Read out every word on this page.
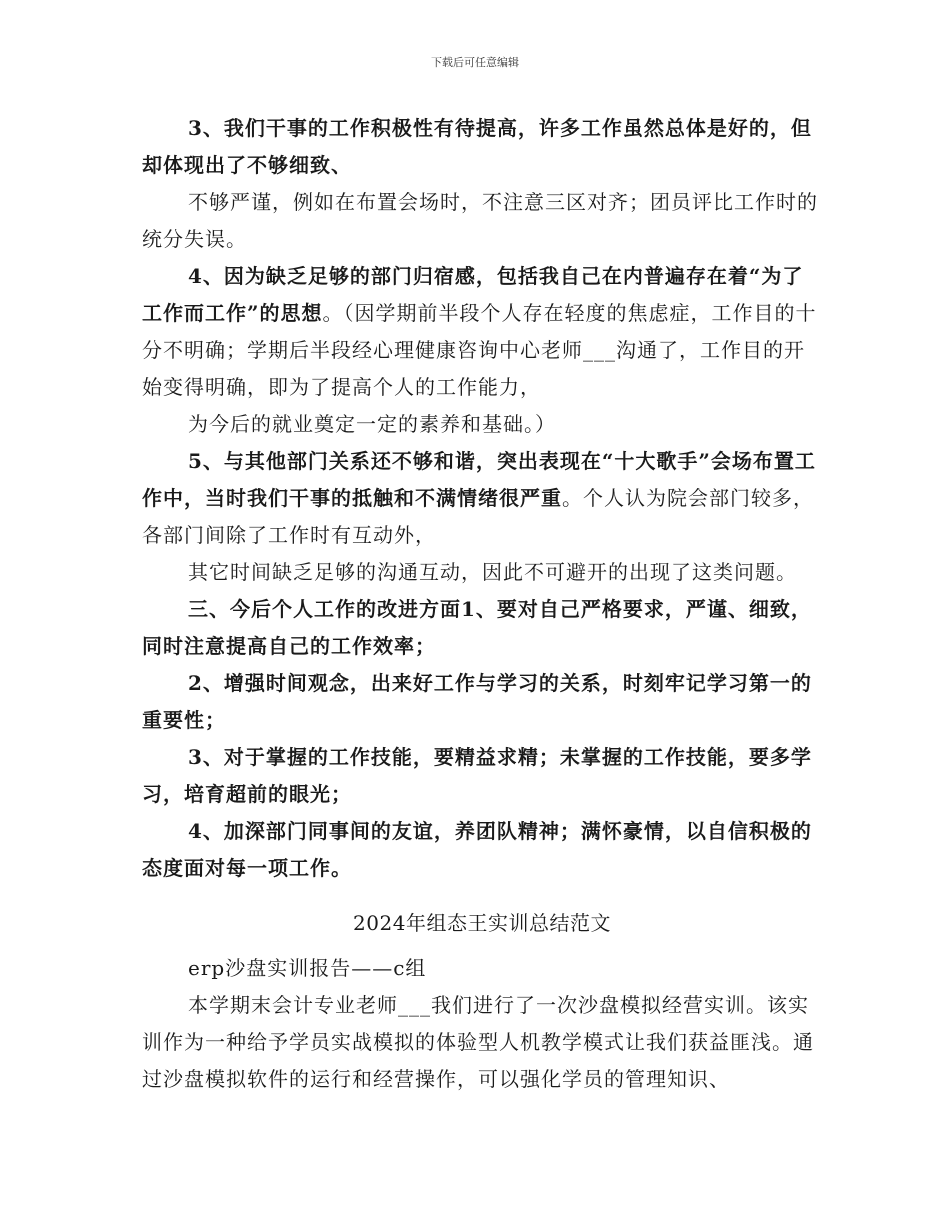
下载后可任意编辑

3、我们干事的工作积极性有待提高，许多工作虽然总体是好的，但却体现出了不够细致、

不够严谨，例如在布置会场时，不注意三区对齐；团员评比工作时的统分失误。

4、因为缺乏足够的部门归宿感，包括我自己在内普遍存在着“为了工作而工作”的思想。（因学期前半段个人存在轻度的焦虑症，工作目的十分不明确；学期后半段经心理健康咨询中心老师___沟通了，工作目的开始变得明确，即为了提高个人的工作能力，

为今后的就业奠定一定的素养和基础。）

5、与其他部门关系还不够和谐，突出表现在“十大歌手”会场布置工作中，当时我们干事的抵触和不满情绪很严重。个人认为院会部门较多，各部门间除了工作时有互动外，

其它时间缺乏足够的沟通互动，因此不可避开的出现了这类问题。

三、今后个人工作的改进方面1、要对自己严格要求，严谨、细致，同时注意提高自己的工作效率；

2、增强时间观念，出来好工作与学习的关系，时刻牢记学习第一的重要性；

3、对于掌握的工作技能，要精益求精；未掌握的工作技能，要多学习，培育超前的眼光；

4、加深部门同事间的友谊，养团队精神；满怀豪情，以自信积极的态度面对每一项工作。

2024年组态王实训总结范文

erp沙盘实训报告——c组

本学期末会计专业老师___我们进行了一次沙盘模拟经营实训。该实训作为一种给予学员实战模拟的体验型人机教学模式让我们获益匪浅。通过沙盘模拟软件的运行和经营操作，可以强化学员的管理知识、
